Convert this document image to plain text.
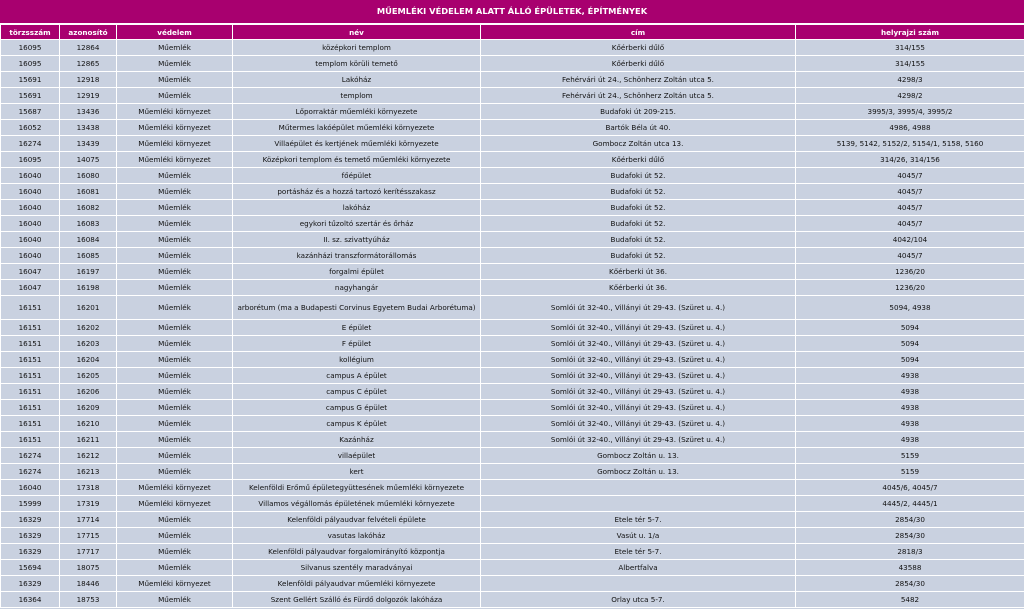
MŰEMLÉKI VÉDELEM ALATT ÁLLÓ ÉPÜLETEK, ÉPÍTMÉNYEK
törzsszám	azonosító	védelem	név	cím	helyrajzi szám
16095	12864	Műemlék	középkori templom	Kőérberki dűlő	314/155
16095	12865	Műemlék	templom körüli temető	Kőérberki dűlő	314/155
15691	12918	Műemlék	Lakóház	Fehérvári út 24., Schönherz Zoltán utca 5.	4298/3
15691	12919	Műemlék	templom	Fehérvári út 24., Schönherz Zoltán utca 5.	4298/2
15687	13436	Műemléki környezet	Lőporraktár műemléki környezete	Budafoki út 209-215.	3995/3, 3995/4, 3995/2
16052	13438	Műemléki környezet	Műtermes lakóépület műemléki környezete	Bartók Béla út 40.	4986, 4988
16274	13439	Műemléki környezet	Villaépület és kertjének műemléki környezete	Gombocz Zoltán utca 13.	5139, 5142, 5152/2, 5154/1, 5158, 5160
16095	14075	Műemléki környezet	Középkori templom és temető műemléki környezete	Kőérberki dűlő	314/26, 314/156
16040	16080	Műemlék	főépület	Budafoki út 52.	4045/7
16040	16081	Műemlék	portásház és a hozzá tartozó kerítésszakasz	Budafoki út 52.	4045/7
16040	16082	Műemlék	lakóház	Budafoki út 52.	4045/7
16040	16083	Műemlék	egykori tűzoltó szertár és őrház	Budafoki út 52.	4045/7
16040	16084	Műemlék	II. sz. szivattyúház	Budafoki út 52.	4042/104
16040	16085	Műemlék	kazánházi transzformátorállomás	Budafoki út 52.	4045/7
16047	16197	Műemlék	forgalmi épület	Kőérberki út 36.	1236/20
16047	16198	Műemlék	nagyhangár	Kőérberki út 36.	1236/20
16151	16201	Műemlék	arborétum (ma a Budapesti Corvinus Egyetem Budai Arborétuma)	Somlói út 32-40., Villányi út 29-43. (Szüret u. 4.)	5094, 4938
16151	16202	Műemlék	E épület	Somlói út 32-40., Villányi út 29-43. (Szüret u. 4.)	5094
16151	16203	Műemlék	F épület	Somlói út 32-40., Villányi út 29-43. (Szüret u. 4.)	5094
16151	16204	Műemlék	kollégium	Somlói út 32-40., Villányi út 29-43. (Szüret u. 4.)	5094
16151	16205	Műemlék	campus A épület	Somlói út 32-40., Villányi út 29-43. (Szüret u. 4.)	4938
16151	16206	Műemlék	campus C épület	Somlói út 32-40., Villányi út 29-43. (Szüret u. 4.)	4938
16151	16209	Műemlék	campus G épület	Somlói út 32-40., Villányi út 29-43. (Szüret u. 4.)	4938
16151	16210	Műemlék	campus K épület	Somlói út 32-40., Villányi út 29-43. (Szüret u. 4.)	4938
16151	16211	Műemlék	Kazánház	Somlói út 32-40., Villányi út 29-43. (Szüret u. 4.)	4938
16274	16212	Műemlék	villaépület	Gombocz Zoltán u. 13.	5159
16274	16213	Műemlék	kert	Gombocz Zoltán u. 13.	5159
16040	17318	Műemléki környezet	Kelenföldi Erőmű épületegyüttesének műemléki környezete		4045/6, 4045/7
15999	17319	Műemléki környezet	Villamos végállomás épületének műemléki környezete		4445/2, 4445/1
16329	17714	Műemlék	Kelenföldi pályaudvar felvételi épülete	Etele tér 5-7.	2854/30
16329	17715	Műemlék	vasutas lakóház	Vasút u. 1/a	2854/30
16329	17717	Műemlék	Kelenföldi pályaudvar forgalomirányító központja	Etele tér 5-7.	2818/3
15694	18075	Műemlék	Silvanus szentély maradványai	Albertfalva	43588
16329	18446	Műemléki környezet	Kelenföldi pályaudvar műemléki környezete		2854/30
16364	18753	Műemlék	Szent Gellért Szálló és Fürdő dolgozók lakóháza	Orlay utca 5-7.	5482
